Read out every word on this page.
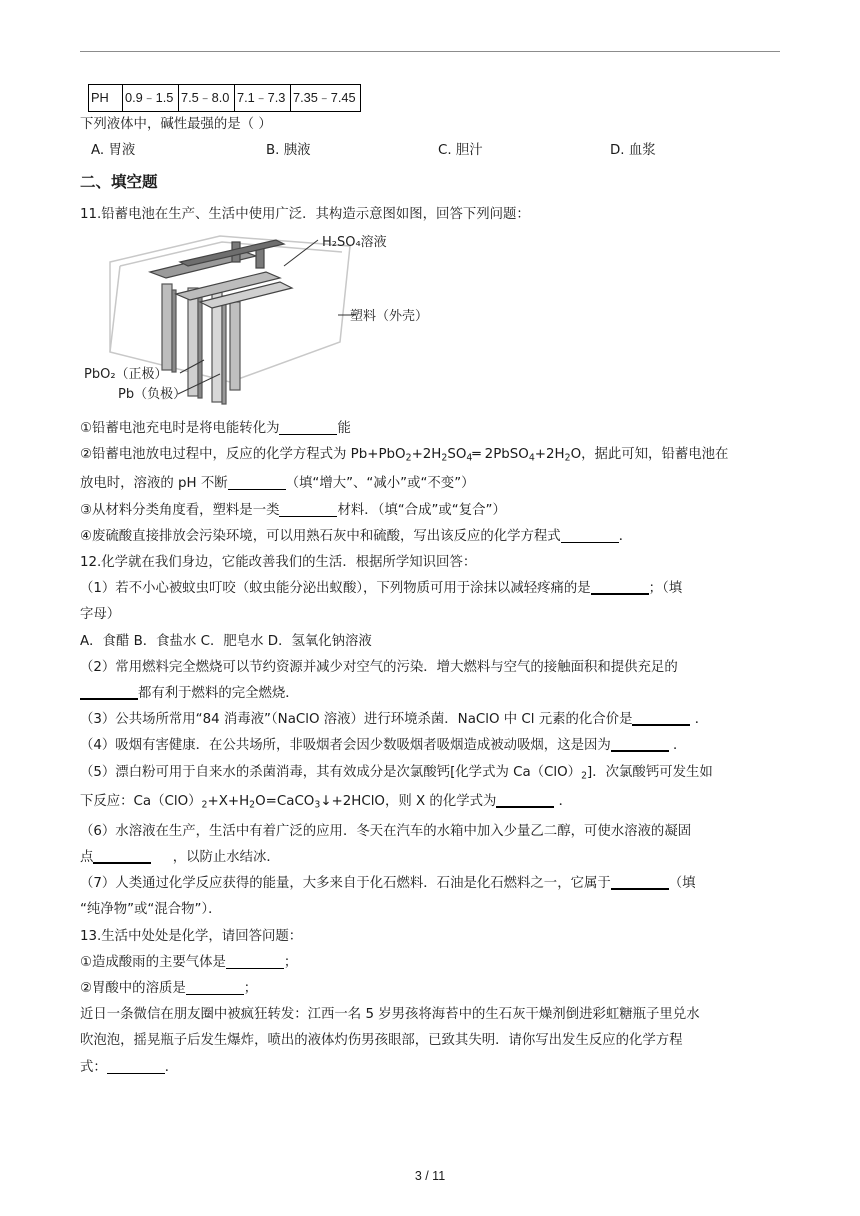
PH	0.9﹣1.5	7.5﹣8.0	7.1﹣7.3	7.35﹣7.45
下列液体中，碱性最强的是（ ）
A. 胃液	B. 胰液	C. 胆汁	D. 血浆
二、填空题
11.铅蓄电池在生产、生活中使用广泛．其构造示意图如图，回答下列问题：
H₂SO₄溶液
塑料（外壳）
PbO₂（正极）
Pb（负极）
①铅蓄电池充电时是将电能转化为	能
②铅蓄电池放电过程中，反应的化学方程式为 $Pb+PbO_2+2H_2SO_4═$ $2PbSO_4+2H_2O$，据此可知，铅蓄电池在
放电时，溶液的 pH 不断	（填“增大”、“减小”或“不变”）
③从材料分类角度看，塑料是一类	材料．（填“合成”或“复合”）
④废硫酸直接排放会污染环境，可以用熟石灰中和硫酸，写出该反应的化学方程式	．
12.化学就在我们身边，它能改善我们的生活．根据所学知识回答：
（1）若不小心被蚊虫叮咬（蚊虫能分泌出蚁酸），下列物质可用于涂抹以减轻疼痛的是	；（填
字母）
A．食醋 B．食盐水 C．肥皂水 D．氢氧化钠溶液
（2）常用燃料完全燃烧可以节约资源并减少对空气的污染．增大燃料与空气的接触面积和提供充足的
都有利于燃料的完全燃烧．
（3）公共场所常用“84 消毒液”（NaClO 溶液）进行环境杀菌．NaClO 中 Cl 元素的化合价是	．
（4）吸烟有害健康．在公共场所，非吸烟者会因少数吸烟者吸烟造成被动吸烟，这是因为	．
（5）漂白粉可用于自来水的杀菌消毒，其有效成分是次氯酸钙[化学式为 $Ca(ClO)_2$]．次氯酸钙可发生如
下反应：$Ca(ClO)_2+X+H_2O=CaCO_3↓+2HClO$，则 X 的化学式为	．
（6）水溶液在生产，生活中有着广泛的应用．冬天在汽车的水箱中加入少量乙二醇，可使水溶液的凝固
点	，以防止水结冰．
（7）人类通过化学反应获得的能量，大多来自于化石燃料．石油是化石燃料之一，它属于	（填
“纯净物”或“混合物”）．
13.生活中处处是化学，请回答问题：
①造成酸雨的主要气体是	；
②胃酸中的溶质是	；
近日一条微信在朋友圈中被疯狂转发：江西一名 5 岁男孩将海苔中的生石灰干燥剂倒进彩虹糖瓶子里兑水
吹泡泡，摇晃瓶子后发生爆炸，喷出的液体灼伤男孩眼部，已致其失明．请你写出发生反应的化学方程
式：	．
3 / 11
